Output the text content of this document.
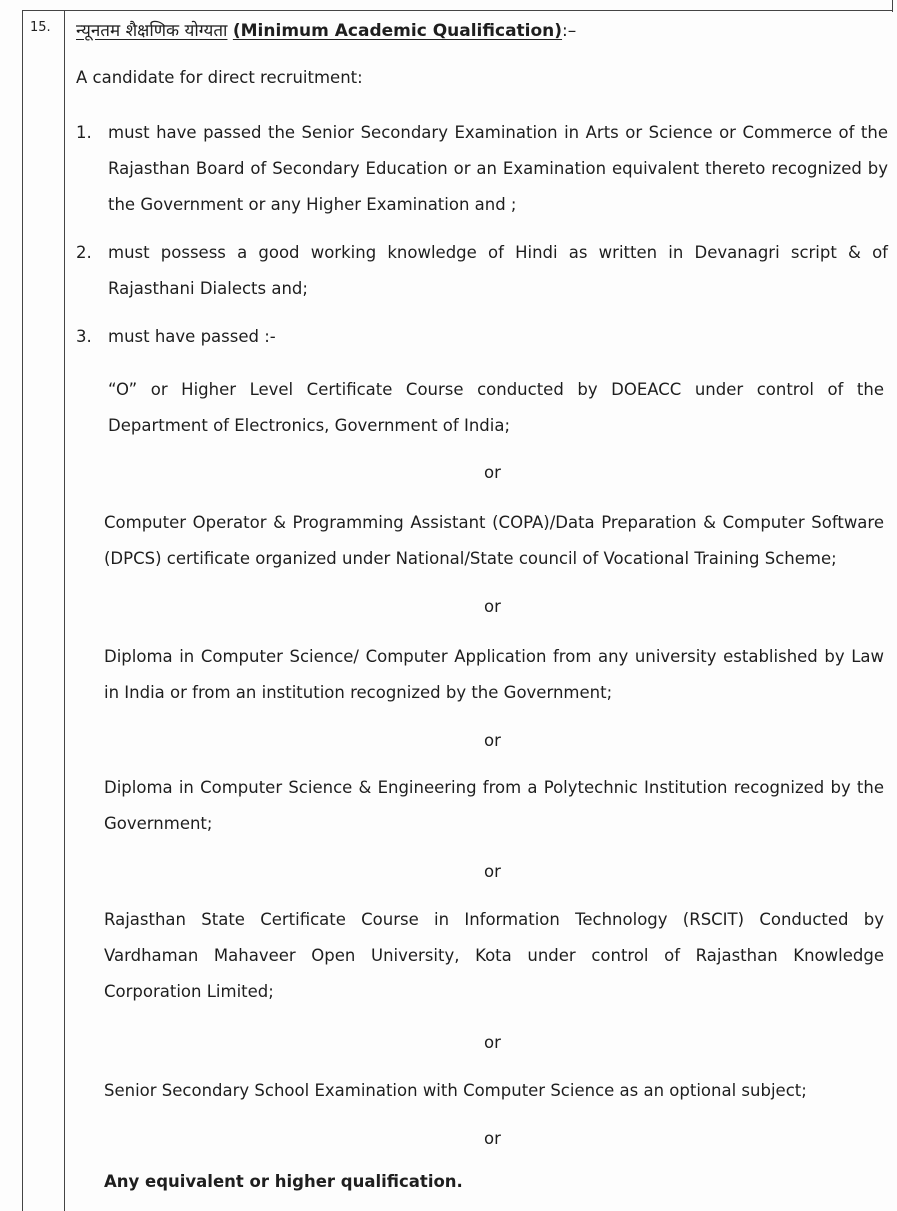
15. न्यूनतम शैक्षणिक योग्यता (Minimum Academic Qualification):–
A candidate for direct recruitment:
1. must have passed the Senior Secondary Examination in Arts or Science or Commerce of the Rajasthan Board of Secondary Education or an Examination equivalent thereto recognized by the Government or any Higher Examination and ;
2. must possess a good working knowledge of Hindi as written in Devanagri script & of Rajasthani Dialects and;
3. must have passed :-
“O” or Higher Level Certificate Course conducted by DOEACC under control of the Department of Electronics, Government of India;
or
Computer Operator & Programming Assistant (COPA)/Data Preparation & Computer Software (DPCS) certificate organized under National/State council of Vocational Training Scheme;
or
Diploma in Computer Science/ Computer Application from any university established by Law in India or from an institution recognized by the Government;
or
Diploma in Computer Science & Engineering from a Polytechnic Institution recognized by the Government;
or
Rajasthan State Certificate Course in Information Technology (RSCIT) Conducted by Vardhaman Mahaveer Open University, Kota under control of Rajasthan Knowledge Corporation Limited;
or
Senior Secondary School Examination with Computer Science as an optional subject;
or
Any equivalent or higher qualification.
